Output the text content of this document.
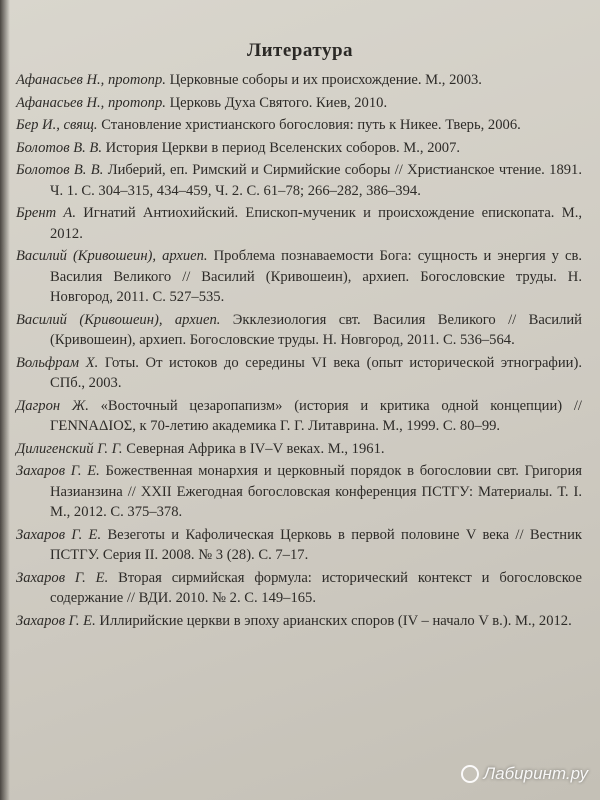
Литература
Афанасьев Н., протопр. Церковные соборы и их происхождение. М., 2003.
Афанасьев Н., протопр. Церковь Духа Святого. Киев, 2010.
Бер И., свящ. Становление христианского богословия: путь к Никее. Тверь, 2006.
Болотов В. В. История Церкви в период Вселенских соборов. М., 2007.
Болотов В. В. Либерий, еп. Римский и Сирмийские соборы // Христианское чтение. 1891. Ч. 1. С. 304–315, 434–459, Ч. 2. С. 61–78; 266–282, 386–394.
Брент А. Игнатий Антиохийский. Епископ-мученик и происхождение епископата. М., 2012.
Василий (Кривошеин), архиеп. Проблема познаваемости Бога: сущность и энергия у св. Василия Великого // Василий (Кривошеин), архиеп. Богословские труды. Н. Новгород, 2011. С. 527–535.
Василий (Кривошеин), архиеп. Экклезиология свт. Василия Великого // Василий (Кривошеин), архиеп. Богословские труды. Н. Новгород, 2011. С. 536–564.
Вольфрам Х. Готы. От истоков до середины VI века (опыт исторической этнографии). СПб., 2003.
Дагрон Ж. «Восточный цезаропапизм» (история и критика одной концепции) // ΓΕΝΝΑΔΙΟΣ, к 70-летию академика Г. Г. Литаврина. М., 1999. С. 80–99.
Дилигенский Г. Г. Северная Африка в IV–V веках. М., 1961.
Захаров Г. Е. Божественная монархия и церковный порядок в богословии свт. Григория Назианзина // XXII Ежегодная богословская конференция ПСТГУ: Материалы. Т. I. М., 2012. С. 375–378.
Захаров Г. Е. Везеготы и Кафолическая Церковь в первой половине V века // Вестник ПСТГУ. Серия II. 2008. № 3 (28). С. 7–17.
Захаров Г. Е. Вторая сирмийская формула: исторический контекст и богословское содержание // ВДИ. 2010. № 2. С. 149–165.
Захаров Г. Е. Иллирийские церкви в эпоху арианских споров (IV – начало V в.). М., 2012.
Лабиринт.ру
